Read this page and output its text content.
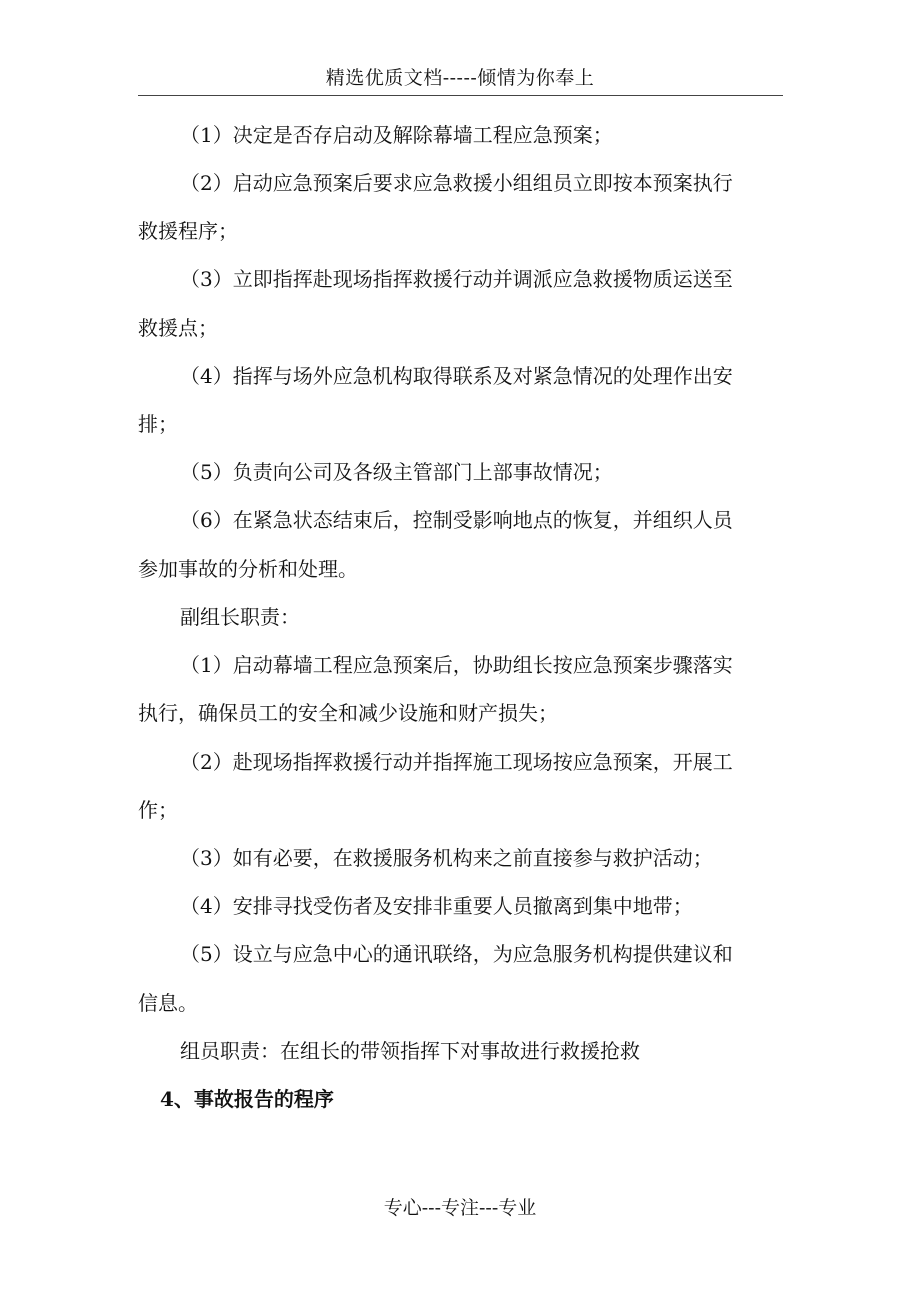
精选优质文档-----倾情为你奉上
（1）决定是否存启动及解除幕墙工程应急预案；
（2）启动应急预案后要求应急救援小组组员立即按本预案执行
救援程序；
（3）立即指挥赴现场指挥救援行动并调派应急救援物质运送至
救援点；
（4）指挥与场外应急机构取得联系及对紧急情况的处理作出安
排；
（5）负责向公司及各级主管部门上部事故情况；
（6）在紧急状态结束后，控制受影响地点的恢复，并组织人员
参加事故的分析和处理。
副组长职责：
（1）启动幕墙工程应急预案后，协助组长按应急预案步骤落实
执行，确保员工的安全和减少设施和财产损失；
（2）赴现场指挥救援行动并指挥施工现场按应急预案，开展工
作；
（3）如有必要，在救援服务机构来之前直接参与救护活动；
（4）安排寻找受伤者及安排非重要人员撤离到集中地带；
（5）设立与应急中心的通讯联络，为应急服务机构提供建议和
信息。
组员职责：在组长的带领指挥下对事故进行救援抢救
4、事故报告的程序
专心---专注---专业
